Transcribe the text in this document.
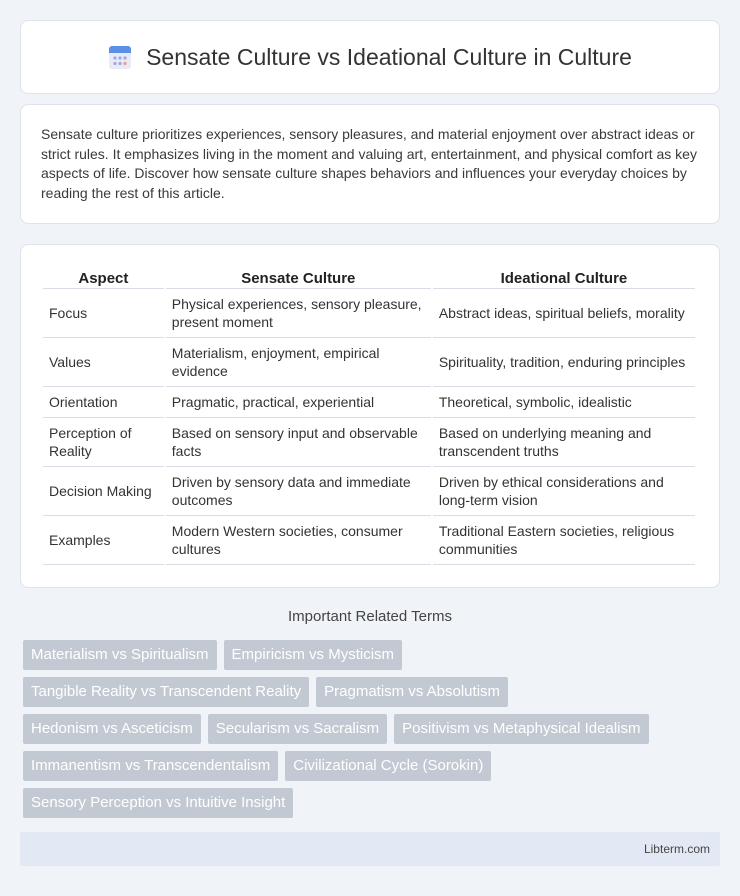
Sensate Culture vs Ideational Culture in Culture

Sensate culture prioritizes experiences, sensory pleasures, and material enjoyment over abstract ideas or strict rules. It emphasizes living in the moment and valuing art, entertainment, and physical comfort as key aspects of life. Discover how sensate culture shapes behaviors and influences your everyday choices by reading the rest of this article.

Aspect	Sensate Culture	Ideational Culture
Focus	Physical experiences, sensory pleasure, present moment	Abstract ideas, spiritual beliefs, morality
Values	Materialism, enjoyment, empirical evidence	Spirituality, tradition, enduring principles
Orientation	Pragmatic, practical, experiential	Theoretical, symbolic, idealistic
Perception of Reality	Based on sensory input and observable facts	Based on underlying meaning and transcendent truths
Decision Making	Driven by sensory data and immediate outcomes	Driven by ethical considerations and long-term vision
Examples	Modern Western societies, consumer cultures	Traditional Eastern societies, religious communities
Important Related Terms
Materialism vs Spiritualism	Empiricism vs Mysticism
Tangible Reality vs Transcendent Reality	Pragmatism vs Absolutism
Hedonism vs Asceticism	Secularism vs Sacralism	Positivism vs Metaphysical Idealism
Immanentism vs Transcendentalism	Civilizational Cycle (Sorokin)
Sensory Perception vs Intuitive Insight
Libterm.com
